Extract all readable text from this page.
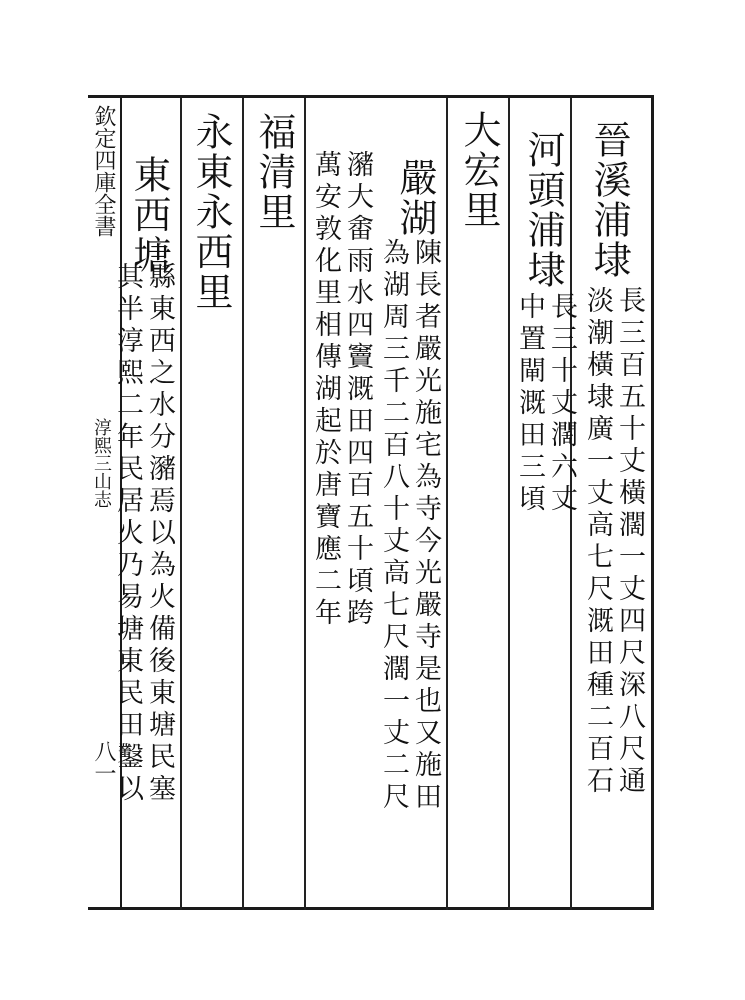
欽定四庫全書
淳熙三山志
八一
晉溪浦埭
長三百五十丈橫濶一丈四尺深八尺通
淡潮橫埭廣一丈高七尺溉田種二百石
河頭浦埭
長三十丈濶六丈
中置閘溉田三頃
大宏里
嚴湖
陳長者嚴光施宅為寺今光嚴寺是也又施田
為湖周三千二百八十丈高七尺濶一丈二尺
瀦大畬雨水四竇溉田四百五十頃跨
萬安敦化里相傳湖起於唐寶應二年
福清里
永東永西里
東西塘
縣東西之水分瀦焉以為火備後東塘民塞
其半淳熙二年民居火乃易塘東民田鑿以
